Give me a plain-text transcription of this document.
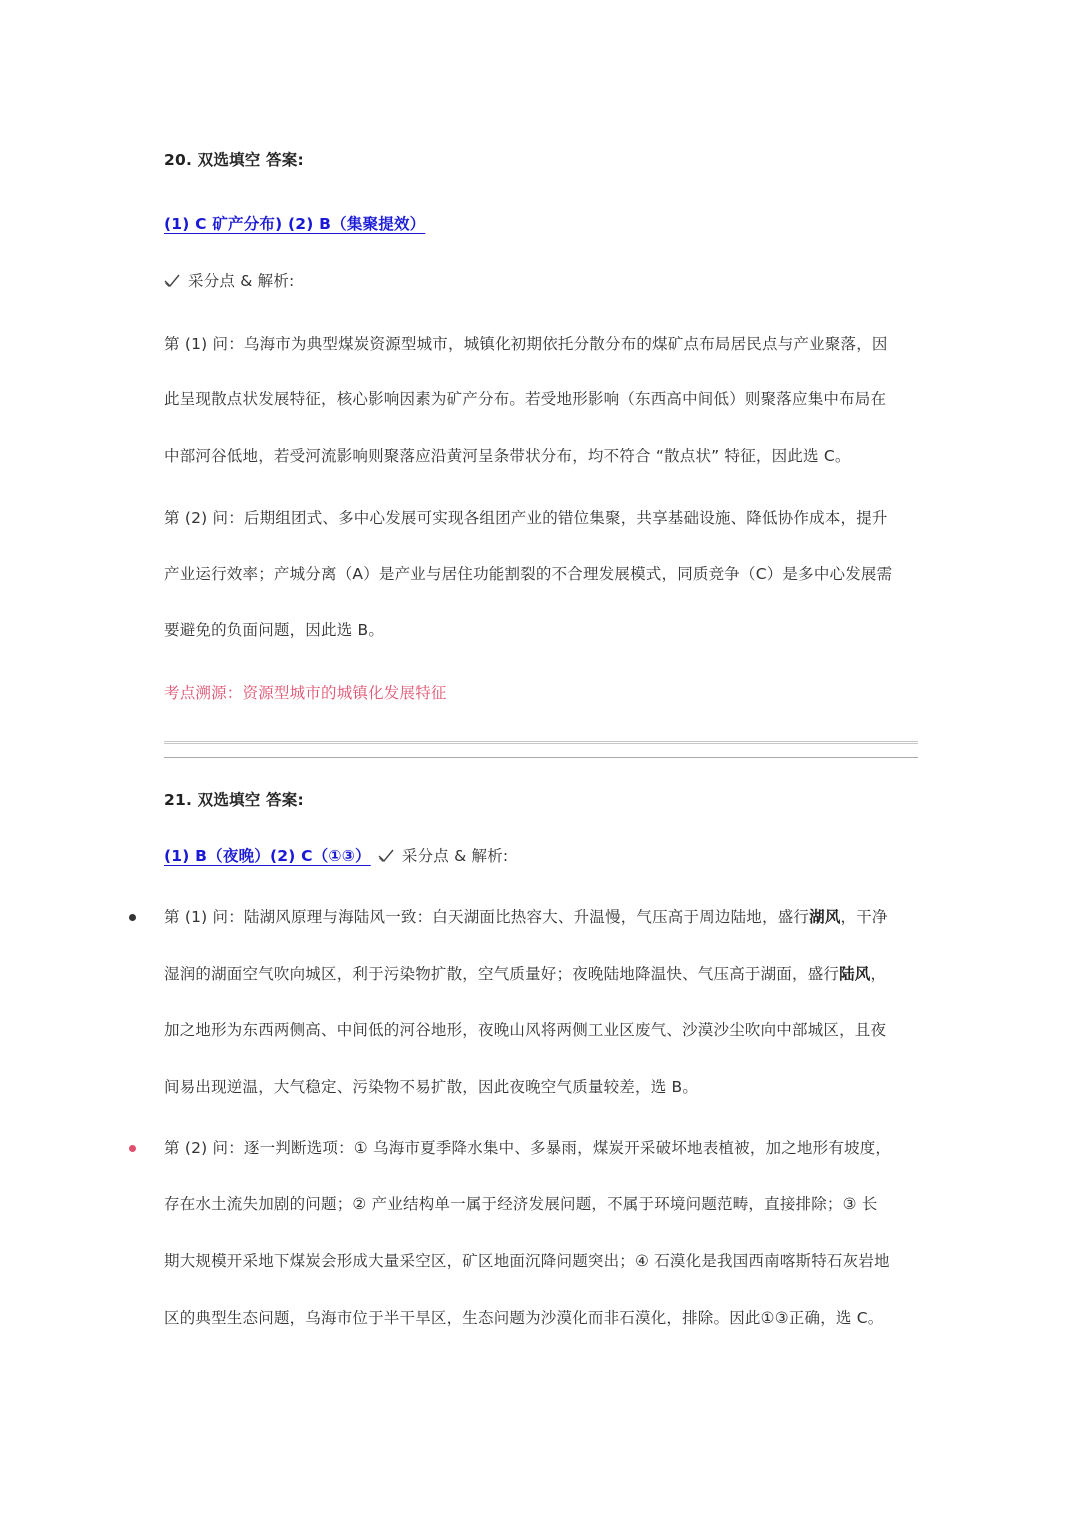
20. 双选填空 答案:
(1) C 矿产分布) (2) B（集聚提效）
采分点 & 解析:
第 (1) 问：乌海市为典型煤炭资源型城市，城镇化初期依托分散分布的煤矿点布局居民点与产业聚落，因
此呈现散点状发展特征，核心影响因素为矿产分布。若受地形影响（东西高中间低）则聚落应集中布局在
中部河谷低地，若受河流影响则聚落应沿黄河呈条带状分布，均不符合 “散点状” 特征，因此选 C。
第 (2) 问：后期组团式、多中心发展可实现各组团产业的错位集聚，共享基础设施、降低协作成本，提升
产业运行效率；产城分离（A）是产业与居住功能割裂的不合理发展模式，同质竞争（C）是多中心发展需
要避免的负面问题，因此选 B。
考点溯源：资源型城市的城镇化发展特征
21. 双选填空 答案:
(1) B（夜晚）(2) C（①③） 采分点 & 解析:
第 (1) 问：陆湖风原理与海陆风一致：白天湖面比热容大、升温慢，气压高于周边陆地，盛行湖风，干净
湿润的湖面空气吹向城区，利于污染物扩散，空气质量好；夜晚陆地降温快、气压高于湖面，盛行陆风，
加之地形为东西两侧高、中间低的河谷地形，夜晚山风将两侧工业区废气、沙漠沙尘吹向中部城区，且夜
间易出现逆温，大气稳定、污染物不易扩散，因此夜晚空气质量较差，选 B。
第 (2) 问：逐一判断选项：① 乌海市夏季降水集中、多暴雨，煤炭开采破坏地表植被，加之地形有坡度，
存在水土流失加剧的问题；② 产业结构单一属于经济发展问题，不属于环境问题范畴，直接排除；③ 长
期大规模开采地下煤炭会形成大量采空区，矿区地面沉降问题突出；④ 石漠化是我国西南喀斯特石灰岩地
区的典型生态问题，乌海市位于半干旱区，生态问题为沙漠化而非石漠化，排除。因此①③正确，选 C。
